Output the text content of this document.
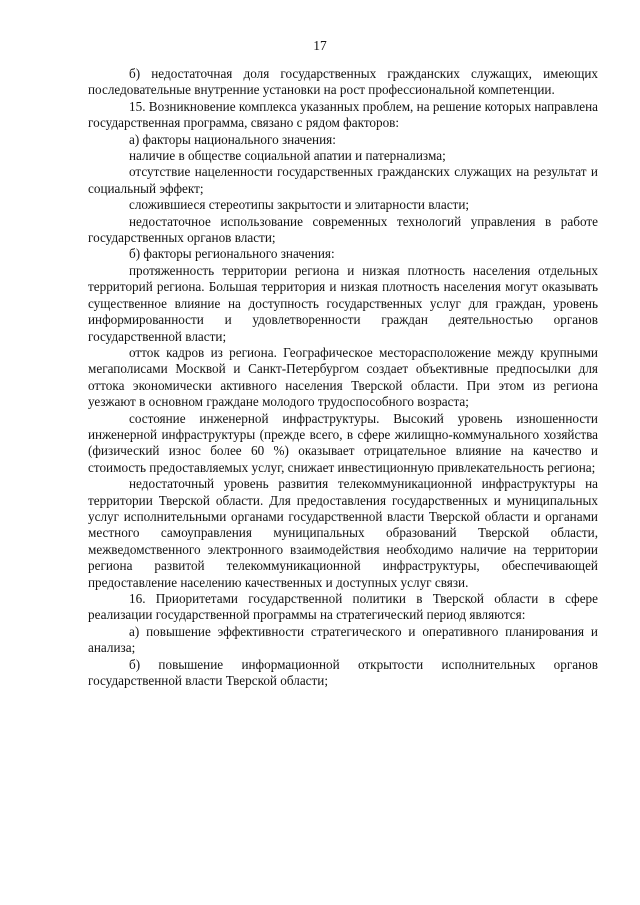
17

б) недостаточная доля государственных гражданских служащих, имеющих последовательные внутренние установки на рост профессиональной компетенции.

15. Возникновение комплекса указанных проблем, на решение которых направлена государственная программа, связано с рядом факторов:

а) факторы национального значения:

наличие в обществе социальной апатии и патернализма;

отсутствие нацеленности государственных гражданских служащих на результат и социальный эффект;

сложившиеся стереотипы закрытости и элитарности власти;

недостаточное использование современных технологий управления в работе государственных органов власти;

б) факторы регионального значения:

протяженность территории региона и низкая плотность населения отдельных территорий региона. Большая территория и низкая плотность населения могут оказывать существенное влияние на доступность государственных услуг для граждан, уровень информированности и удовлетворенности граждан деятельностью органов государственной власти;

отток кадров из региона. Географическое месторасположение между крупными мегаполисами Москвой и Санкт-Петербургом создает объективные предпосылки для оттока экономически активного населения Тверской области. При этом из региона уезжают в основном граждане молодого трудоспособного возраста;

состояние инженерной инфраструктуры. Высокий уровень изношенности инженерной инфраструктуры (прежде всего, в сфере жилищно-коммунального хозяйства (физический износ более 60 %) оказывает отрицательное влияние на качество и стоимость предоставляемых услуг, снижает инвестиционную привлекательность региона;

недостаточный уровень развития телекоммуникационной инфраструктуры на территории Тверской области. Для предоставления государственных и муниципальных услуг исполнительными органами государственной власти Тверской области и органами местного самоуправления муниципальных образований Тверской области, межведомственного электронного взаимодействия необходимо наличие на территории региона развитой телекоммуникационной инфраструктуры, обеспечивающей предоставление населению качественных и доступных услуг связи.

16. Приоритетами государственной политики в Тверской области в сфере реализации государственной программы на стратегический период являются:

а) повышение эффективности стратегического и оперативного планирования и анализа;

б) повышение информационной открытости исполнительных органов государственной власти Тверской области;
